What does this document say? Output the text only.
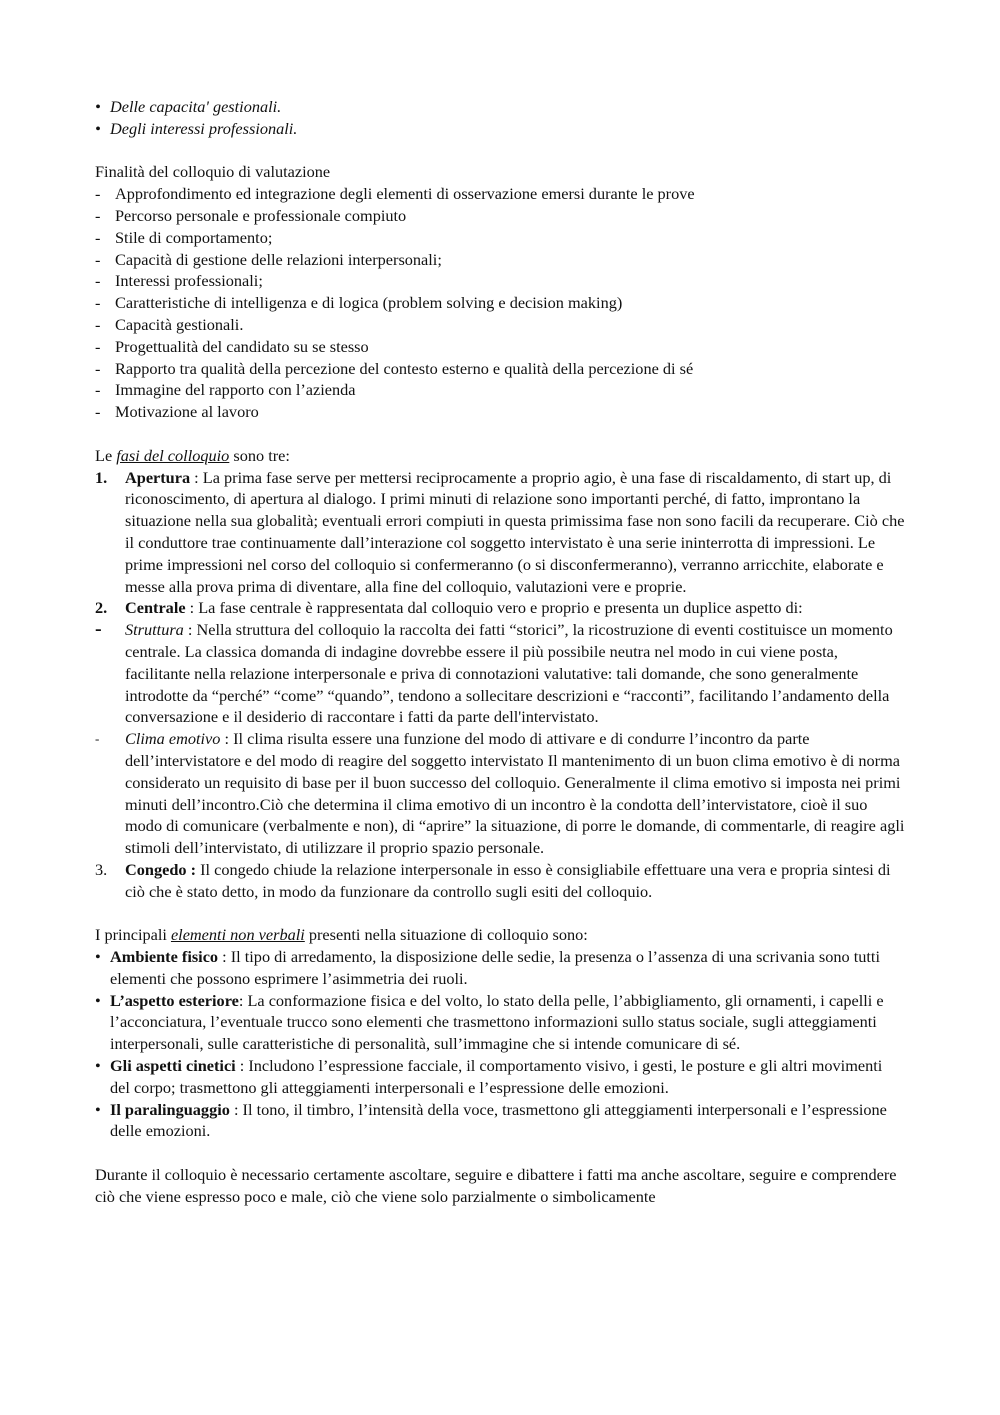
• Delle capacita' gestionali.
• Degli interessi professionali.

Finalità del colloquio di valutazione

- Approfondimento ed integrazione degli elementi di osservazione emersi durante le prove
- Percorso personale e professionale compiuto
- Stile di comportamento;
- Capacità di gestione delle relazioni interpersonali;
- Interessi professionali;
- Caratteristiche di intelligenza e di logica (problem solving e decision making)
- Capacità gestionali.
- Progettualità del candidato su se stesso
- Rapporto tra qualità della percezione del contesto esterno e qualità della percezione di sé
- Immagine del rapporto con l’azienda
- Motivazione al lavoro

Le fasi del colloquio sono tre:

1. Apertura : La prima fase serve per mettersi reciprocamente a proprio agio, è una fase di riscaldamento, di start up, di riconoscimento, di apertura al dialogo. I primi minuti di relazione sono importanti perché, di fatto, improntano la situazione nella sua globalità; eventuali errori compiuti in questa primissima fase non sono facili da recuperare. Ciò che il conduttore trae continuamente dall’interazione col soggetto intervistato è una serie ininterrotta di impressioni. Le prime impressioni nel corso del colloquio si confermeranno (o si disconfermeranno), verranno arricchite, elaborate e messe alla prova prima di diventare, alla fine del colloquio, valutazioni vere e proprie.
2. Centrale : La fase centrale è rappresentata dal colloquio vero e proprio e presenta un duplice aspetto di:
- Struttura : Nella struttura del colloquio la raccolta dei fatti “storici”, la ricostruzione di eventi costituisce un momento centrale. La classica domanda di indagine dovrebbe essere il più possibile neutra nel modo in cui viene posta, facilitante nella relazione interpersonale e priva di connotazioni valutative: tali domande, che sono generalmente introdotte da “perché” “come” “quando”, tendono a sollecitare descrizioni e “racconti”, facilitando l’andamento della conversazione e il desiderio di raccontare i fatti da parte dell'intervistato.
- Clima emotivo : Il clima risulta essere una funzione del modo di attivare e di condurre l’incontro da parte dell’intervistatore e del modo di reagire del soggetto intervistato Il mantenimento di un buon clima emotivo è di norma considerato un requisito di base per il buon successo del colloquio. Generalmente il clima emotivo si imposta nei primi minuti dell’incontro.Ciò che determina il clima emotivo di un incontro è la condotta dell’intervistatore, cioè il suo modo di comunicare (verbalmente e non), di “aprire” la situazione, di porre le domande, di commentarle, di reagire agli stimoli dell’intervistato, di utilizzare il proprio spazio personale.
3. Congedo : Il congedo chiude la relazione interpersonale in esso è consigliabile effettuare una vera e propria sintesi di ciò che è stato detto, in modo da funzionare da controllo sugli esiti del colloquio.

I principali elementi non verbali presenti nella situazione di colloquio sono:

• Ambiente fisico : Il tipo di arredamento, la disposizione delle sedie, la presenza o l’assenza di una scrivania sono tutti elementi che possono esprimere l’asimmetria dei ruoli.
• L’aspetto esteriore: La conformazione fisica e del volto, lo stato della pelle, l’abbigliamento, gli ornamenti, i capelli e l’acconciatura, l’eventuale trucco sono elementi che trasmettono informazioni sullo status sociale, sugli atteggiamenti interpersonali, sulle caratteristiche di personalità, sull’immagine che si intende comunicare di sé.
• Gli aspetti cinetici : Includono l’espressione facciale, il comportamento visivo, i gesti, le posture e gli altri movimenti del corpo; trasmettono gli atteggiamenti interpersonali e l’espressione delle emozioni.
• Il paralinguaggio : Il tono, il timbro, l’intensità della voce, trasmettono gli atteggiamenti interpersonali e l’espressione delle emozioni.

Durante il colloquio è necessario certamente ascoltare, seguire e dibattere i fatti ma anche ascoltare, seguire e comprendere ciò che viene espresso poco e male, ciò che viene solo parzialmente o simbolicamente
